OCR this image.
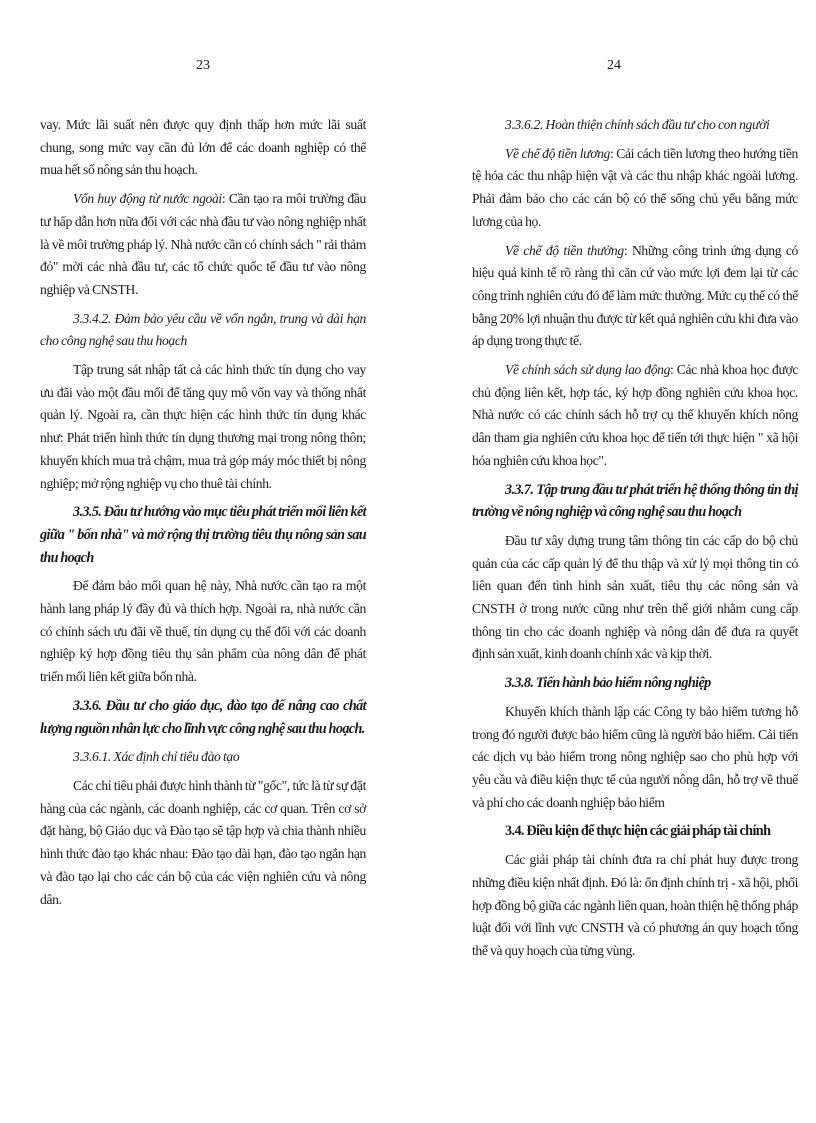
23	24

vay. Mức lãi suất nên được quy định thấp hơn mức lãi suất chung, song mức vay cần đủ lớn để các doanh nghiệp có thể mua hết số nông sản thu hoạch.

Vốn huy động từ nước ngoài: Cần tạo ra môi trường đầu tư hấp dẫn hơn nữa đối với các nhà đầu tư vào nông nghiệp nhất là về môi trường pháp lý. Nhà nước cần có chính sách " rải thảm đỏ" mời các nhà đầu tư, các tổ chức quốc tế đầu tư vào nông nghiệp và CNSTH.

3.3.4.2. Đảm bảo yêu cầu về vốn ngắn, trung và dài hạn cho công nghệ sau thu hoạch

Tập trung sát nhập tất cả các hình thức tín dụng cho vay ưu đãi vào một đầu mối để tăng quy mô vốn vay và thống nhất quản lý. Ngoài ra, cần thực hiện các hình thức tín dụng khác như: Phát triển hình thức tín dụng thương mại trong nông thôn; khuyến khích mua trả chậm, mua trả góp máy móc thiết bị nông nghiệp; mở rộng nghiệp vụ cho thuê tài chính.

3.3.5. Đầu tư hướng vào mục tiêu phát triển mối liên kết giữa " bốn nhà" và mở rộng thị trường tiêu thụ nông sản sau thu hoạch

Để đảm bảo mối quan hệ này, Nhà nước cần tạo ra một hành lang pháp lý đầy đủ và thích hợp. Ngoài ra, nhà nước cần có chính sách ưu đãi về thuế, tín dụng cụ thể đối với các doanh nghiệp ký hợp đồng tiêu thụ sản phẩm của nông dân để phát triển mối liên kết giữa bốn nhà.

3.3.6. Đầu tư cho giáo dục, đào tạo để nâng cao chất lượng nguồn nhân lực cho lĩnh vực công nghệ sau thu hoạch.

3.3.6.1. Xác định chỉ tiêu đào tạo

Các chỉ tiêu phải được hình thành từ "gốc", tức là từ sự đặt hàng của các ngành, các doanh nghiệp, các cơ quan. Trên cơ sở đặt hàng, bộ Giáo dục và Đào tạo sẽ tập hợp và chia thành nhiều hình thức đào tạo khác nhau: Đào tạo dài hạn, đào tạo ngắn hạn và đào tạo lại cho các cán bộ của các viện nghiên cứu và nông dân.

3.3.6.2. Hoàn thiện chính sách đầu tư cho con người

Về chế độ tiền lương: Cải cách tiền lương theo hướng tiền tệ hóa các thu nhập hiện vật và các thu nhập khác ngoài lương. Phải đảm bảo cho các cán bộ có thể sống chủ yếu bằng mức lương của họ.

Về chế độ tiền thưởng: Những công trình ứng dụng có hiệu quả kinh tế rõ ràng thì căn cứ vào mức lợi đem lại từ các công trình nghiên cứu đó để làm mức thưởng. Mức cụ thể có thể bằng 20% lợi nhuận thu được từ kết quả nghiên cứu khi đưa vào áp dụng trong thực tế.

Về chính sách sử dụng lao động: Các nhà khoa học được chủ động liên kết, hợp tác, ký hợp đồng nghiên cứu khoa học. Nhà nước có các chính sách hỗ trợ cụ thể khuyến khích nông dân tham gia nghiên cứu khoa học để tiến tới thực hiện " xã hội hóa nghiên cứu khoa học".

3.3.7. Tập trung đầu tư phát triển hệ thống thông tin thị trường về nông nghiệp và công nghệ sau thu hoạch

Đầu tư xây dựng trung tâm thông tin các cấp do bộ chủ quản của các cấp quản lý để thu thập và xử lý mọi thông tin có liên quan đến tình hình sản xuất, tiêu thụ các nông sản và CNSTH ở trong nước cũng như trên thế giới nhằm cung cấp thông tin cho các doanh nghiệp và nông dân để đưa ra quyết định sản xuất, kinh doanh chính xác và kịp thời.

3.3.8. Tiến hành bảo hiểm nông nghiệp

Khuyến khích thành lập các Công ty bảo hiểm tương hỗ trong đó người được bảo hiểm cũng là người bảo hiểm. Cải tiến các dịch vụ bảo hiểm trong nông nghiệp sao cho phù hợp với yêu cầu và điều kiện thực tế của người nông dân, hỗ trợ về thuế và phí cho các doanh nghiệp bảo hiểm

3.4. Điều kiện để thực hiện các giải pháp tài chính

Các giải pháp tài chính đưa ra chỉ phát huy được trong những điều kiện nhất định. Đó là: ổn định chính trị - xã hội, phối hợp đồng bộ giữa các ngành liên quan, hoàn thiện hệ thống pháp luật đối với lĩnh vực CNSTH và có phương án quy hoạch tổng thể và quy hoạch của từng vùng.
